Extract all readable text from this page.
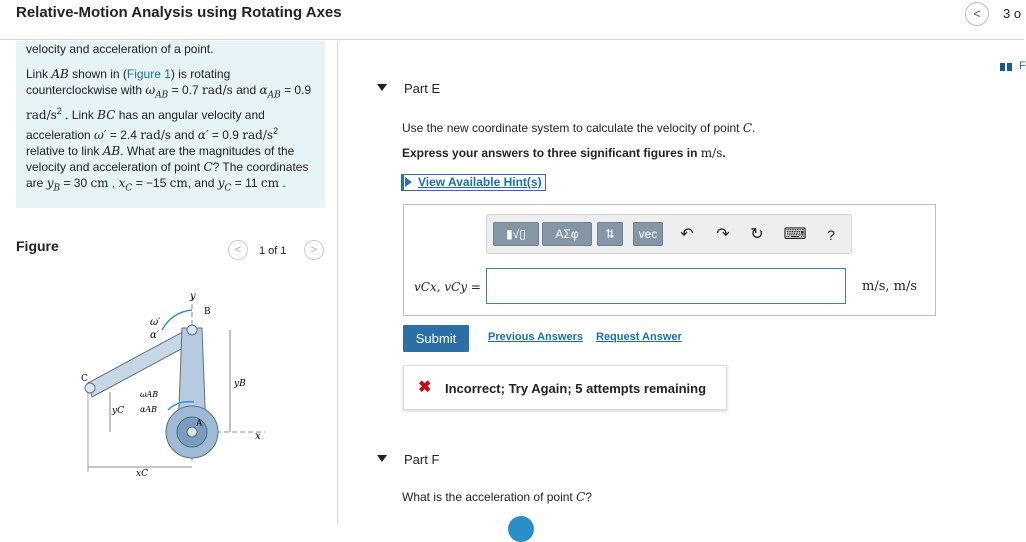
Relative-Motion Analysis using Rotating Axes	<	3 o

velocity and acceleration of a point.

Link AB shown in (Figure 1) is rotating counterclockwise with $\omega_{AB} = 0.7$ rad/s and $\alpha_{AB} = 0.9$ rad/$s^2$ . Link BC has an angular velocity and acceleration ω′ = 2.4 rad/s and α′ = 0.9 rad/$s^2$ relative to link AB. What are the magnitudes of the velocity and acceleration of point C? The coordinates are $y_B = 30$ cm , $x_C = -15$ cm, and $y_C = 11$ cm .

Figure	<	1 of 1	>
y
B
ω′
α′
C	yB
ωAB
yC αAB
A
x
xC
Part E
Use the new coordinate system to calculate the velocity of point C.
Express your answers to three significant figures in m/s.
View Available Hint(s)
▮√▯	ΑΣφ	⇅	vec	↶	↷	↻	⌨	?
vCx, vCy =	m/s, m/s
Submit	Previous Answers Request Answer
✖ Incorrect; Try Again; 5 attempts remaining
Part F
What is the acceleration of point C?
F
